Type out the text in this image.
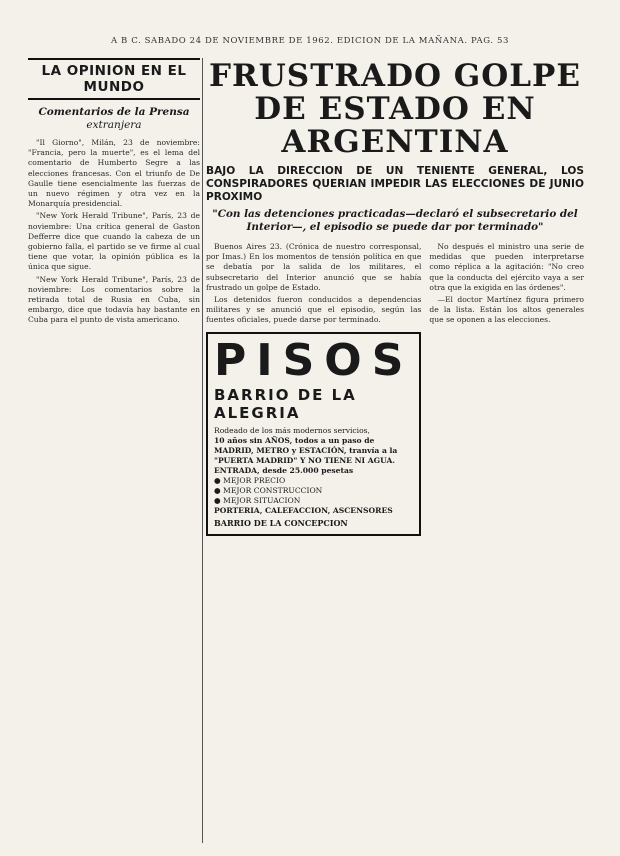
A B C. SABADO 24 DE NOVIEMBRE DE 1962. EDICION DE LA MAÑANA. PAG. 53
LA OPINION EN EL MUNDO
Comentarios de la Prensa
extranjera

"Il Giorno", Milán, 23 de noviembre: "Francia, pero la muerte", es el lema del comentario de Humberto Segre a las elecciones francesas. Con el triunfo de De Gaulle tiene esencialmente las fuerzas de un nuevo régimen y otra vez en la Monarquía presidencial.

"New York Herald Tribune", París, 23 de noviembre: Una crítica general de Gaston Defferre dice que cuando la cabeza de un gobierno falla, el partido se ve firme al cual tiene que votar, la opinión pública es la única que sigue.

"New York Herald Tribune", París, 23 de noviembre: Los comentarios sobre la retirada total de Rusia en Cuba, sin embargo, dice que todavía hay bastante en Cuba para el punto de vista americano.

FRUSTRADO GOLPE DE ESTADO EN ARGENTINA
BAJO LA DIRECCION DE UN TENIENTE GENERAL, LOS CONSPIRADORES QUERIAN IMPEDIR LAS ELECCIONES DE JUNIO PROXIMO
"Con las detenciones practicadas—declaró el subsecretario del Interior—, el episodio se puede dar por terminado"

Buenos Aires 23. (Crónica de nuestro corresponsal, por Imas.) En los momentos de tensión política en que se debatía por la salida de los militares, el subsecretario del Interior anunció que se había frustrado un golpe de Estado.

Los detenidos fueron conducidos a dependencias militares y se anunció que el episodio, según las fuentes oficiales, puede darse por terminado.

PISOS
BARRIO DE LA ALEGRIA
Rodeado de los más modernos servicios,
10 años sin AÑOS, todos a un paso de
MADRID, METRO y ESTACIÓN, tranvía a la
"PUERTA MADRID" Y NO TIENE NI AGUA.
ENTRADA, desde 25.000 pesetas
● MEJOR PRECIO
● MEJOR CONSTRUCCION
● MEJOR SITUACION
PORTERIA, CALEFACCION, ASCENSORES
BARRIO DE LA CONCEPCION

No después el ministro una serie de medidas que pueden interpretarse como réplica a la agitación: "No creo que la conducta del ejército vaya a ser otra que la exigida en las órdenes".

—El doctor Martínez figura primero de la lista. Están los altos generales que se oponen a las elecciones.
